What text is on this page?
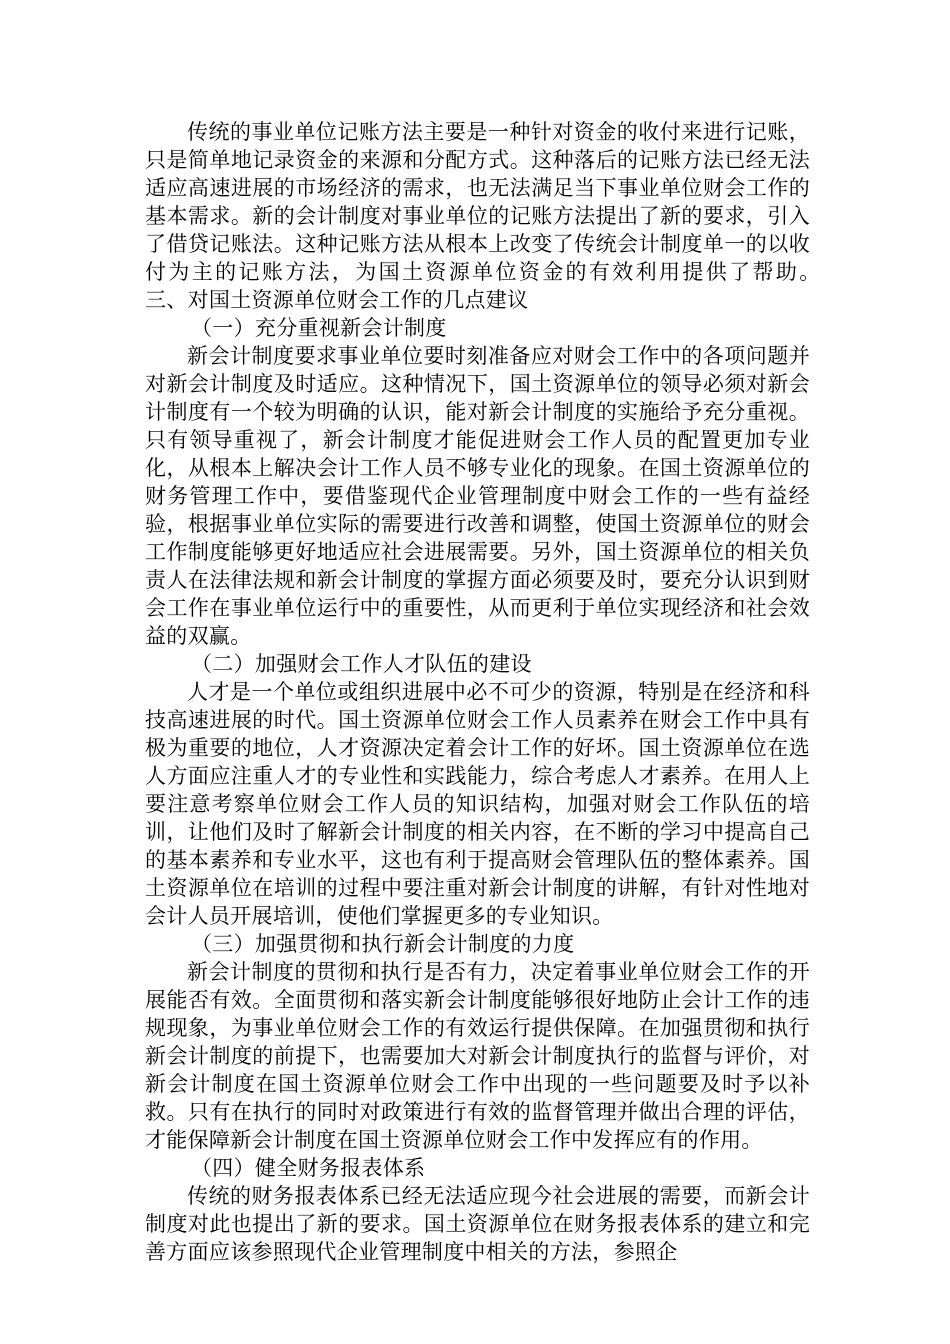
传统的事业单位记账方法主要是一种针对资金的收付来进行记账，只是简单地记录资金的来源和分配方式。这种落后的记账方法已经无法适应高速进展的市场经济的需求，也无法满足当下事业单位财会工作的基本需求。新的会计制度对事业单位的记账方法提出了新的要求，引入了借贷记账法。这种记账方法从根本上改变了传统会计制度单一的以收付为主的记账方法，为国土资源单位资金的有效利用提供了帮助。　　　三、对国土资源单位财会工作的几点建议

（一）充分重视新会计制度

新会计制度要求事业单位要时刻准备应对财会工作中的各项问题并对新会计制度及时适应。这种情况下，国土资源单位的领导必须对新会计制度有一个较为明确的认识，能对新会计制度的实施给予充分重视。只有领导重视了，新会计制度才能促进财会工作人员的配置更加专业化，从根本上解决会计工作人员不够专业化的现象。在国土资源单位的财务管理工作中，要借鉴现代企业管理制度中财会工作的一些有益经验，根据事业单位实际的需要进行改善和调整，使国土资源单位的财会工作制度能够更好地适应社会进展需要。另外，国土资源单位的相关负责人在法律法规和新会计制度的掌握方面必须要及时，要充分认识到财会工作在事业单位运行中的重要性，从而更利于单位实现经济和社会效益的双赢。

（二）加强财会工作人才队伍的建设

人才是一个单位或组织进展中必不可少的资源，特别是在经济和科技高速进展的时代。国土资源单位财会工作人员素养在财会工作中具有极为重要的地位，人才资源决定着会计工作的好坏。国土资源单位在选人方面应注重人才的专业性和实践能力，综合考虑人才素养。在用人上要注意考察单位财会工作人员的知识结构，加强对财会工作队伍的培训，让他们及时了解新会计制度的相关内容，在不断的学习中提高自己的基本素养和专业水平，这也有利于提高财会管理队伍的整体素养。国土资源单位在培训的过程中要注重对新会计制度的讲解，有针对性地对会计人员开展培训，使他们掌握更多的专业知识。

（三）加强贯彻和执行新会计制度的力度

新会计制度的贯彻和执行是否有力，决定着事业单位财会工作的开展能否有效。全面贯彻和落实新会计制度能够很好地防止会计工作的违规现象，为事业单位财会工作的有效运行提供保障。在加强贯彻和执行新会计制度的前提下，也需要加大对新会计制度执行的监督与评价，对新会计制度在国土资源单位财会工作中出现的一些问题要及时予以补救。只有在执行的同时对政策进行有效的监督管理并做出合理的评估，才能保障新会计制度在国土资源单位财会工作中发挥应有的作用。

（四）健全财务报表体系

传统的财务报表体系已经无法适应现今社会进展的需要，而新会计制度对此也提出了新的要求。国土资源单位在财务报表体系的建立和完善方面应该参照现代企业管理制度中相关的方法，参照企
